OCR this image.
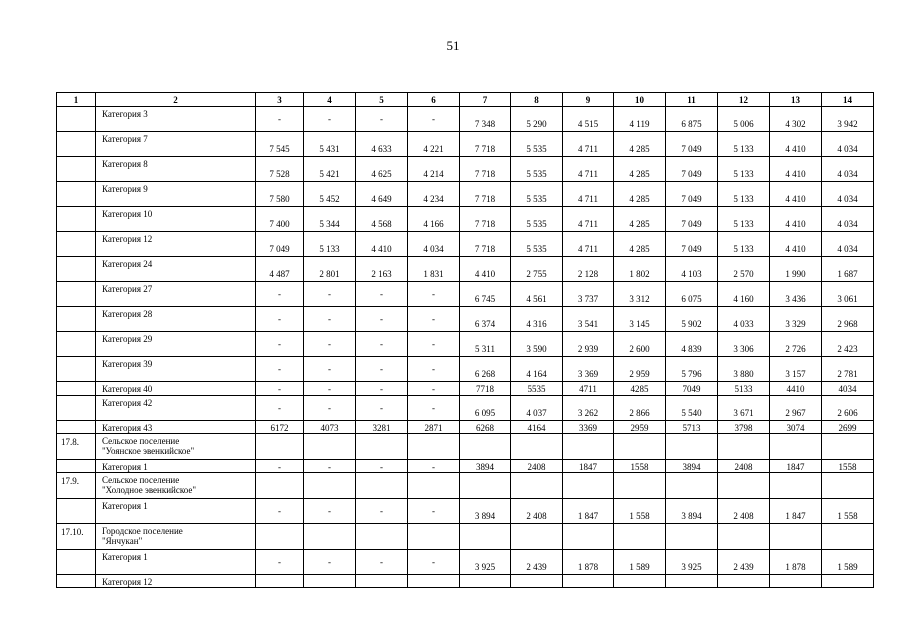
51
1	2	3	4	5	6	7	8	9	10	11	12	13	14

	Категория 3	-	-	-	-	7 348	5 290	4 515	4 119	6 875	5 006	4 302	3 942

	Категория 7	7 545	5 431	4 633	4 221	7 718	5 535	4 711	4 285	7 049	5 133	4 410	4 034

	Категория 8	7 528	5 421	4 625	4 214	7 718	5 535	4 711	4 285	7 049	5 133	4 410	4 034

	Категория 9	7 580	5 452	4 649	4 234	7 718	5 535	4 711	4 285	7 049	5 133	4 410	4 034

	Категория 10	7 400	5 344	4 568	4 166	7 718	5 535	4 711	4 285	7 049	5 133	4 410	4 034

	Категория 12	7 049	5 133	4 410	4 034	7 718	5 535	4 711	4 285	7 049	5 133	4 410	4 034

	Категория 24	4 487	2 801	2 163	1 831	4 410	2 755	2 128	1 802	4 103	2 570	1 990	1 687

	Категория 27	-	-	-	-	6 745	4 561	3 737	3 312	6 075	4 160	3 436	3 061

	Категория 28	-	-	-	-	6 374	4 316	3 541	3 145	5 902	4 033	3 329	2 968

	Категория 29	-	-	-	-	5 311	3 590	2 939	2 600	4 839	3 306	2 726	2 423

	Категория 39	-	-	-	-	6 268	4 164	3 369	2 959	5 796	3 880	3 157	2 781

	Категория 40	-	-	-	-	7718	5535	4711	4285	7049	5133	4410	4034

	Категория 42	-	-	-	-	6 095	4 037	3 262	2 866	5 540	3 671	2 967	2 606

	Категория 43	6172	4073	3281	2871	6268	4164	3369	2959	5713	3798	3074	2699
17.8.	Сельское поселение
"Уоянское эвенкийское"												

	Категория 1	-	-	-	-	3894	2408	1847	1558	3894	2408	1847	1558
17.9.	Сельское поселение
"Холодное эвенкийское"												

	Категория 1	-	-	-	-	3 894	2 408	1 847	1 558	3 894	2 408	1 847	1 558
17.10.	Городское поселение
"Янчукан"												

	Категория 1	-	-	-	-	3 925	2 439	1 878	1 589	3 925	2 439	1 878	1 589

	Категория 12												
